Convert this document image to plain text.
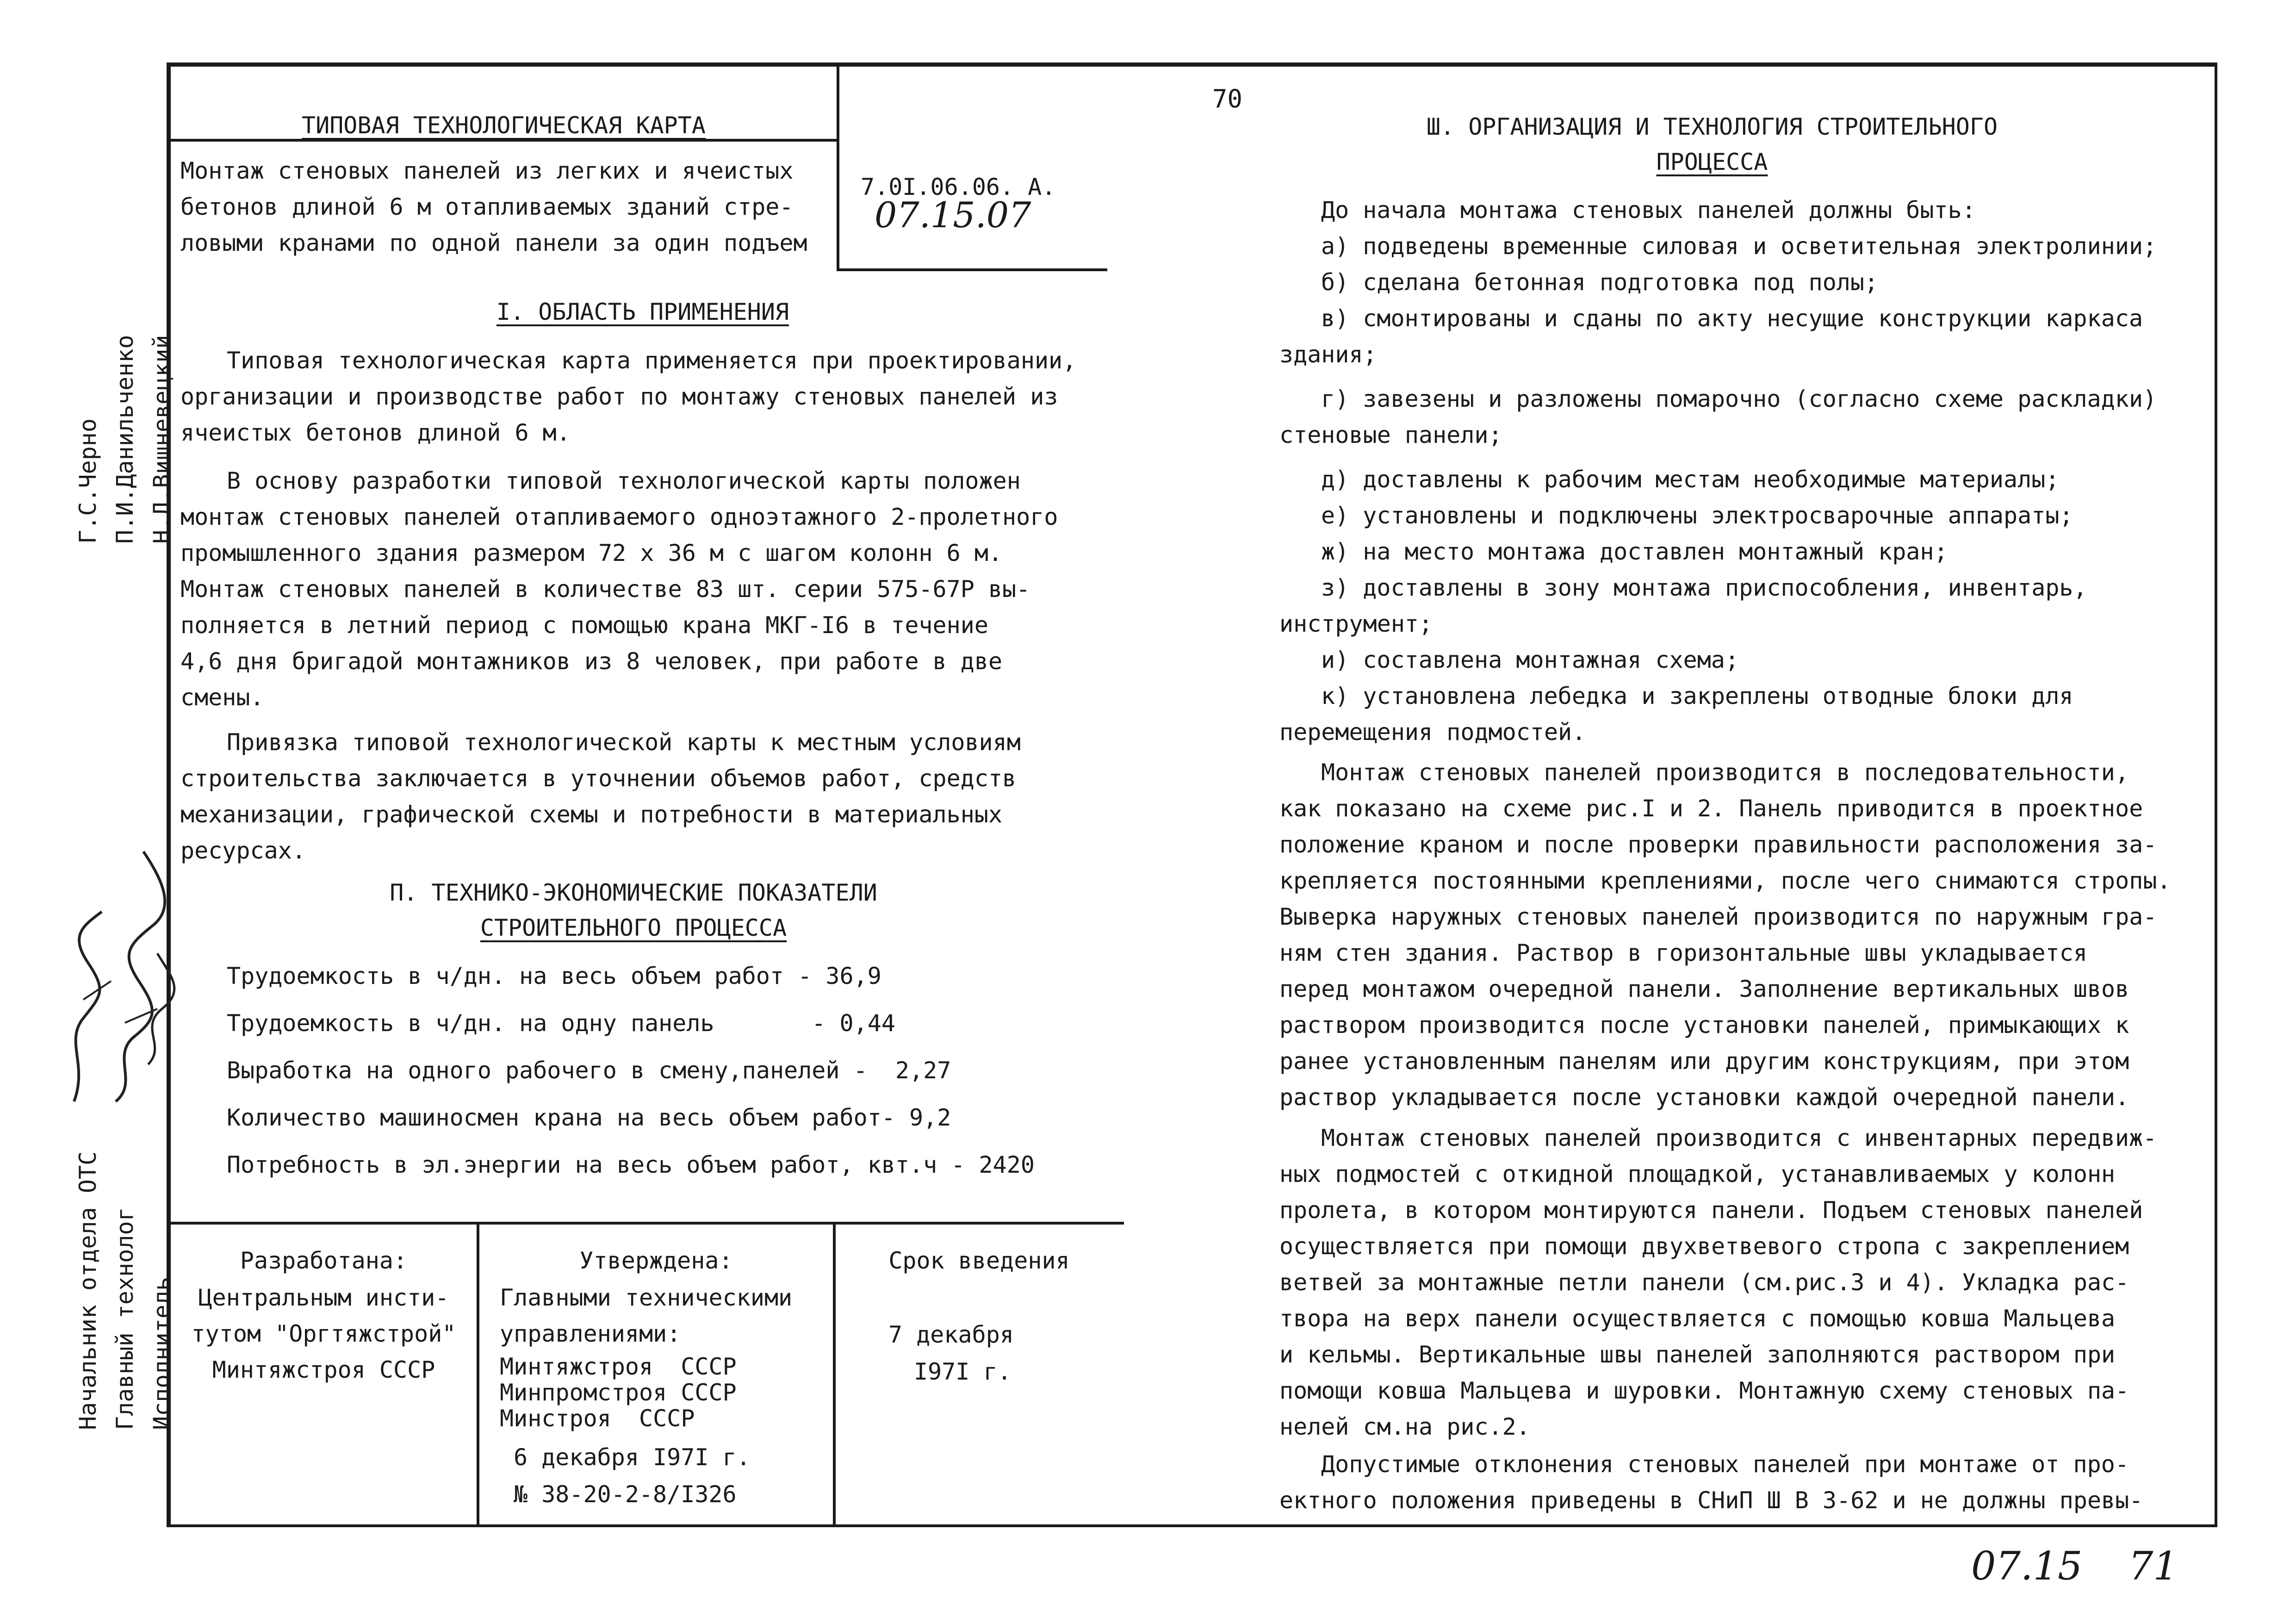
70
ТИПОВАЯ ТЕХНОЛОГИЧЕСКАЯ КАРТА
Монтаж стеновых панелей из легких и ячеистых
бетонов длиной 6 м отапливаемых зданий стре-
ловыми кранами по одной панели за один подъем
7.0I.06.06. А.
07.15.07
Г.С.Черно П.И.Данильченко Н.Л.Вишневецкий
Начальник отдела ОТС Главный технолог Исполнитель
I. ОБЛАСТЬ ПРИМЕНЕНИЯ
Типовая технологическая карта применяется при проектировании,
организации и производстве работ по монтажу стеновых панелей из
ячеистых бетонов длиной 6 м.
В основу разработки типовой технологической карты положен
монтаж стеновых панелей отапливаемого одноэтажного 2-пролетного
промышленного здания размером 72 х 36 м с шагом колонн 6 м.
Монтаж стеновых панелей в количестве 83 шт. серии 575-67Р вы-
полняется в летний период с помощью крана МКГ-I6 в течение
4,6 дня бригадой монтажников из 8 человек, при работе в две
смены.
Привязка типовой технологической карты к местным условиям
строительства заключается в уточнении объемов работ, средств
механизации, графической схемы и потребности в материальных
ресурсах.
П. ТЕХНИКО-ЭКОНОМИЧЕСКИЕ ПОКАЗАТЕЛИ
СТРОИТЕЛЬНОГО ПРОЦЕССА
Трудоемкость в ч/дн. на весь объем работ - 36,9
Трудоемкость в ч/дн. на одну панель       - 0,44
Выработка на одного рабочего в смену,панелей -  2,27
Количество машиносмен крана на весь объем работ- 9,2
Потребность в эл.энергии на весь объем работ, квт.ч - 2420
Разработана:
Центральным инсти-
тутом "Оргтяжстрой"
Минтяжстроя СССР
Утверждена:
Главными техническими
управлениями:
Минтяжстроя  СССР
Минпромстроя СССР
Минстроя  СССР
6 декабря I97I г.
№ 38-20-2-8/I326
Срок введения
7 декабря
I97I г.
Ш. ОРГАНИЗАЦИЯ И ТЕХНОЛОГИЯ СТРОИТЕЛЬНОГО
ПРОЦЕССА
До начала монтажа стеновых панелей должны быть:
а) подведены временные силовая и осветительная электролинии;
б) сделана бетонная подготовка под полы;
в) смонтированы и сданы по акту несущие конструкции каркаса
здания;
г) завезены и разложены помарочно (согласно схеме раскладки)
стеновые панели;
д) доставлены к рабочим местам необходимые материалы;
е) установлены и подключены электросварочные аппараты;
ж) на место монтажа доставлен монтажный кран;
з) доставлены в зону монтажа приспособления, инвентарь,
инструмент;
и) составлена монтажная схема;
к) установлена лебедка и закреплены отводные блоки для
перемещения подмостей.
Монтаж стеновых панелей производится в последовательности,
как показано на схеме рис.I и 2. Панель приводится в проектное
положение краном и после проверки правильности расположения за-
крепляется постоянными креплениями, после чего снимаются стропы.
Выверка наружных стеновых панелей производится по наружным гра-
ням стен здания. Раствор в горизонтальные швы укладывается
перед монтажом очередной панели. Заполнение вертикальных швов
раствором производится после установки панелей, примыкающих к
ранее установленным панелям или другим конструкциям, при этом
раствор укладывается после установки каждой очередной панели.
Монтаж стеновых панелей производится с инвентарных передвиж-
ных подмостей с откидной площадкой, устанавливаемых у колонн
пролета, в котором монтируются панели. Подъем стеновых панелей
осуществляется при помощи двухветвевого стропа с закреплением
ветвей за монтажные петли панели (см.рис.3 и 4). Укладка рас-
твора на верх панели осуществляется с помощью ковша Мальцева
и кельмы. Вертикальные швы панелей заполняются раствором при
помощи ковша Мальцева и шуровки. Монтажную схему стеновых па-
нелей см.на рис.2.
Допустимые отклонения стеновых панелей при монтаже от про-
ектного положения приведены в СНиП Ш В 3-62 и не должны превы-
07.15 71
